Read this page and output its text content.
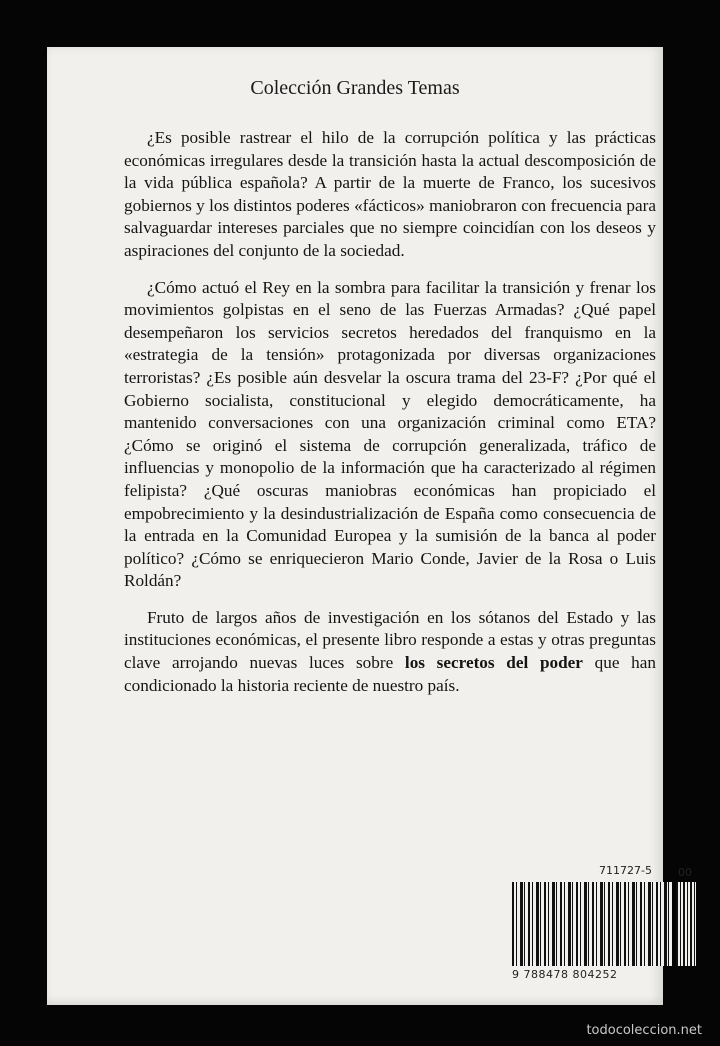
Colección Grandes Temas

¿Es posible rastrear el hilo de la corrupción política y las prácticas económicas irregulares desde la transición hasta la actual descomposición de la vida pública española? A partir de la muerte de Franco, los sucesivos gobiernos y los distintos poderes «fácticos» maniobraron con frecuencia para salvaguardar intereses parciales que no siempre coincidían con los deseos y aspiraciones del conjunto de la sociedad.

¿Cómo actuó el Rey en la sombra para facilitar la transición y frenar los movimientos golpistas en el seno de las Fuerzas Armadas? ¿Qué papel desempeñaron los servicios secretos heredados del franquismo en la «estrategia de la tensión» protagonizada por diversas organizaciones terroristas? ¿Es posible aún desvelar la oscura trama del 23-F? ¿Por qué el Gobierno socialista, constitucional y elegido democráticamente, ha mantenido conversaciones con una organización criminal como ETA? ¿Cómo se originó el sistema de corrupción generalizada, tráfico de influencias y monopolio de la información que ha caracterizado al régimen felipista? ¿Qué oscuras maniobras económicas han propiciado el empobrecimiento y la desindustrialización de España como consecuencia de la entrada en la Comunidad Europea y la sumisión de la banca al poder político? ¿Cómo se enriquecieron Mario Conde, Javier de la Rosa o Luis Roldán?

Fruto de largos años de investigación en los sótanos del Estado y las instituciones económicas, el presente libro responde a estas y otras preguntas clave arrojando nuevas luces sobre los secretos del poder que han condicionado la historia reciente de nuestro país.

711727-5 00
9 788478 804252
todocoleccion.net
